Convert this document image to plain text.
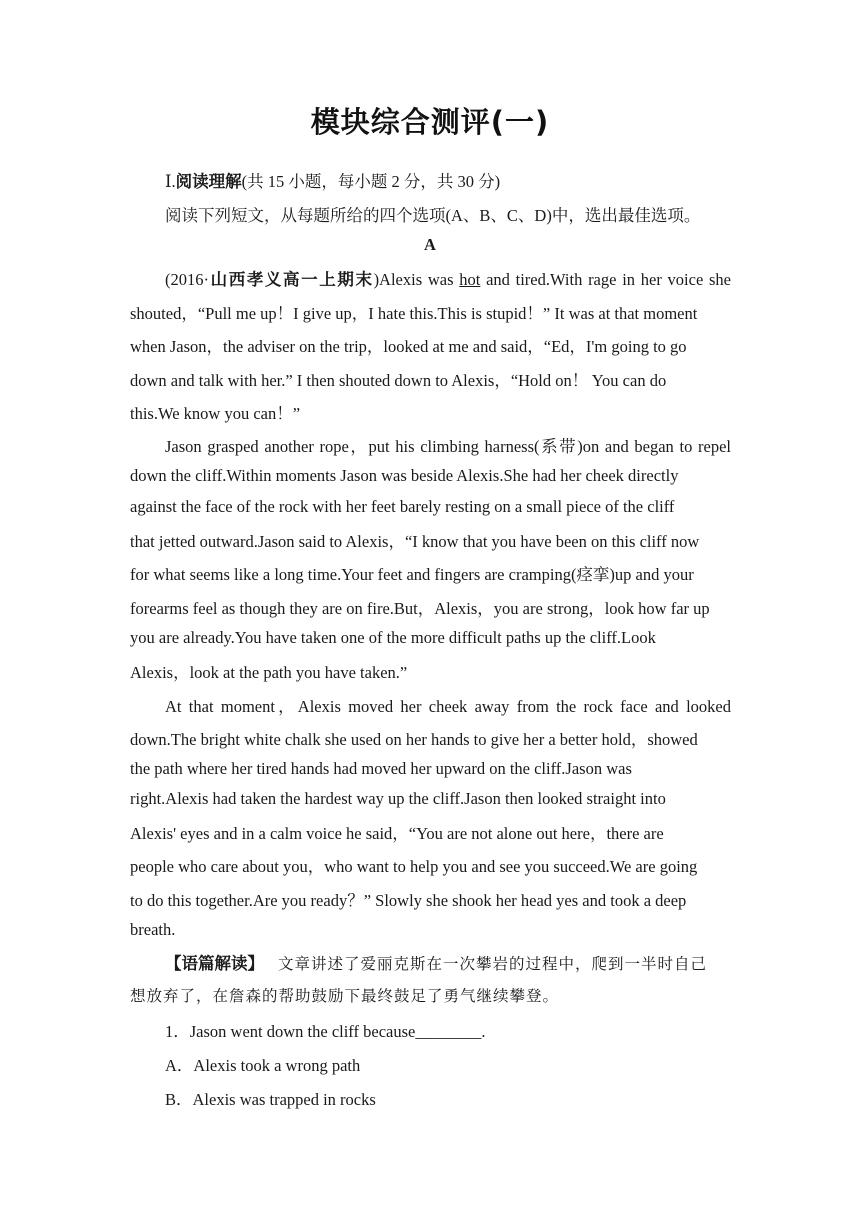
模块综合测评(一)
Ⅰ.阅读理解(共 15 小题，每小题 2 分，共 30 分)
阅读下列短文，从每题所给的四个选项(A、B、C、D)中，选出最佳选项。
A
(2016·山西孝义高一上期末)Alexis was hot and tired.With rage in her voice she
shouted，“Pull me up！I give up，I hate this.This is stupid！” It was at that moment
when Jason，the adviser on the trip，looked at me and said，“Ed，I'm going to go
down and talk with her.” I then shouted down to Alexis，“Hold on！ You can do
this.We know you can！”
Jason grasped another rope，put his climbing harness(系带)on and began to repel
down the cliff.Within moments Jason was beside Alexis.She had her cheek directly
against the face of the rock with her feet barely resting on a small piece of the cliff
that jetted outward.Jason said to Alexis，“I know that you have been on this cliff now
for what seems like a long time.Your feet and fingers are cramping(痉挛)up and your
forearms feel as though they are on fire.But，Alexis，you are strong，look how far up
you are already.You have taken one of the more difficult paths up the cliff.Look
Alexis，look at the path you have taken.”
At that moment，Alexis moved her cheek away from the rock face and looked
down.The bright white chalk she used on her hands to give her a better hold，showed
the path where her tired hands had moved her upward on the cliff.Jason was
right.Alexis had taken the hardest way up the cliff.Jason then looked straight into
Alexis' eyes and in a calm voice he said，“You are not alone out here，there are
people who care about you，who want to help you and see you succeed.We are going
to do this together.Are you ready？” Slowly she shook her head yes and took a deep
breath.
【语篇解读】 文章讲述了爱丽克斯在一次攀岩的过程中，爬到一半时自己
想放弃了，在詹森的帮助鼓励下最终鼓足了勇气继续攀登。
1．Jason went down the cliff because________.
A．Alexis took a wrong path
B．Alexis was trapped in rocks
